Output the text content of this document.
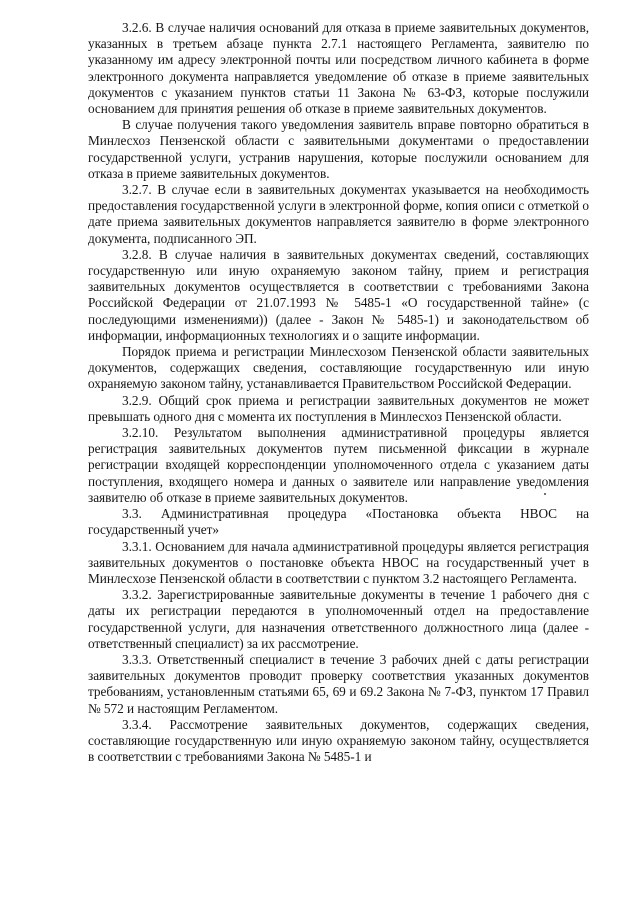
3.2.6. В случае наличия оснований для отказа в приеме заявительных документов, указанных в третьем абзаце пункта 2.7.1 настоящего Регламента, заявителю по указанному им адресу электронной почты или посредством личного кабинета в форме электронного документа направляется уведомление об отказе в приеме заявительных документов с указанием пунктов статьи 11 Закона № 63-ФЗ, которые послужили основанием для принятия решения об отказе в приеме заявительных документов.

В случае получения такого уведомления заявитель вправе повторно обратиться в Минлесхоз Пензенской области с заявительными документами о предоставлении государственной услуги, устранив нарушения, которые послужили основанием для отказа в приеме заявительных документов.

3.2.7. В случае если в заявительных документах указывается на необходимость предоставления государственной услуги в электронной форме, копия описи с отметкой о дате приема заявительных документов направляется заявителю в форме электронного документа, подписанного ЭП.

3.2.8. В случае наличия в заявительных документах сведений, составляющих государственную или иную охраняемую законом тайну, прием и регистрация заявительных документов осуществляется в соответствии с требованиями Закона Российской Федерации от 21.07.1993 № 5485-1 «О государственной тайне» (с последующими изменениями)) (далее - Закон № 5485-1) и законодательством об информации, информационных технологиях и о защите информации.

Порядок приема и регистрации Минлесхозом Пензенской области заявительных документов, содержащих сведения, составляющие государственную или иную охраняемую законом тайну, устанавливается Правительством Российской Федерации.

3.2.9. Общий срок приема и регистрации заявительных документов не может превышать одного дня с момента их поступления в Минлесхоз Пензенской области.

3.2.10. Результатом выполнения административной процедуры является регистрация заявительных документов путем письменной фиксации в журнале регистрации входящей корреспонденции уполномоченного отдела с указанием даты поступления, входящего номера и данных о заявителе или направление уведомления заявителю об отказе в приеме заявительных документов.

3.3. Административная процедура «Постановка объекта НВОС на государственный учет»

3.3.1. Основанием для начала административной процедуры является регистрация заявительных документов о постановке объекта НВОС на государственный учет в Минлесхозе Пензенской области в соответствии с пунктом 3.2 настоящего Регламента.

3.3.2. Зарегистрированные заявительные документы в течение 1 рабочего дня с даты их регистрации передаются в уполномоченный отдел на предоставление государственной услуги, для назначения ответственного должностного лица (далее - ответственный специалист) за их рассмотрение.

3.3.3. Ответственный специалист в течение 3 рабочих дней с даты регистрации заявительных документов проводит проверку соответствия указанных документов требованиям, установленным статьями 65, 69 и 69.2 Закона № 7-ФЗ, пунктом 17 Правил № 572 и настоящим Регламентом.

3.3.4. Рассмотрение заявительных документов, содержащих сведения, составляющие государственную или иную охраняемую законом тайну, осуществляется в соответствии с требованиями Закона № 5485-1 и
